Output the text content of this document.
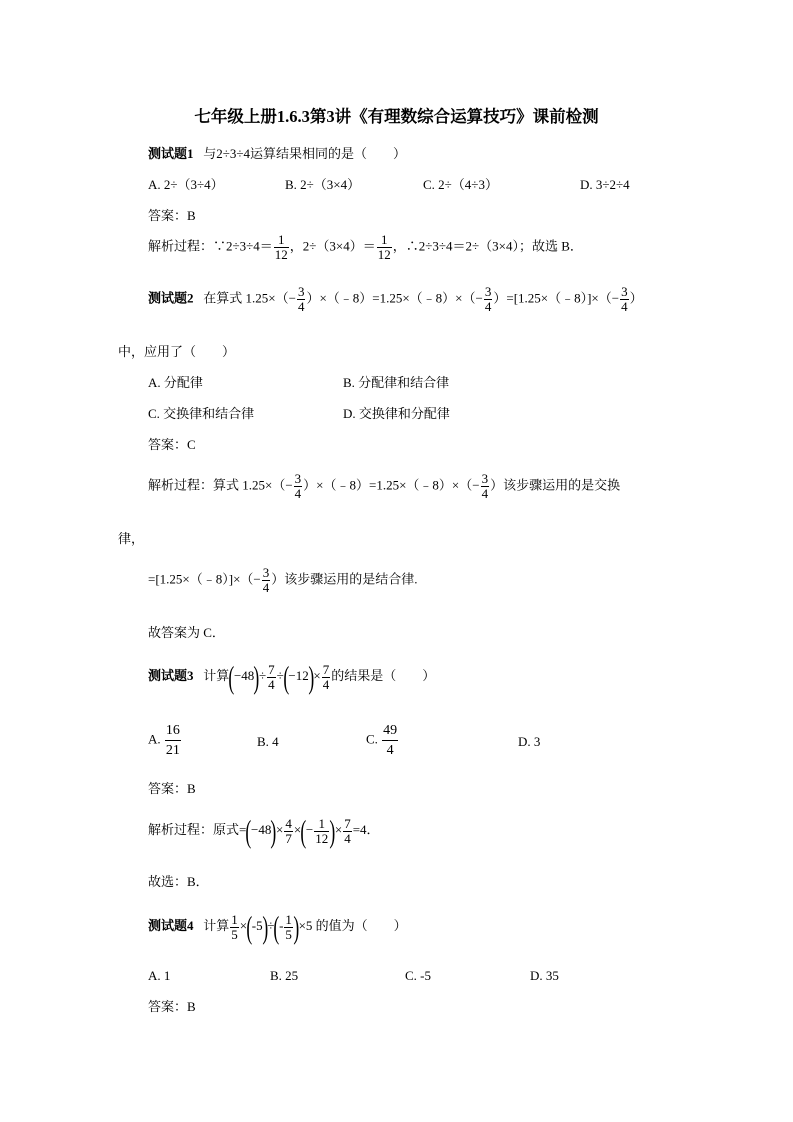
七年级上册1.6.3第3讲《有理数综合运算技巧》课前检测
测试题1 与2÷3÷4运算结果相同的是（　　）
A. 2÷（3÷4）	B. 2÷（3×4）	C. 2÷（4÷3）	D. 3÷2÷4
答案：B
解析过程：∵2÷3÷4＝ $\frac{1}{12}$ ，$2\div(3\times 4)= \frac{1}{12}$ ，∴2÷3÷4＝2÷（3×4）；故选 B．
测试题2 在算式 $1.25\times(- \frac{3}{4}$ ）×（﹣8）=1.25×（﹣8）×（− $\frac{3}{4}$ ）=[1.25×（﹣8）]×（− $\frac{3}{4}$ ）
中，应用了（　　）
A. 分配律	B. 分配律和结合律
C. 交换律和结合律	D. 交换律和分配律
答案：C
解析过程：算式 $1.25\times(- \frac{3}{4}$ ）×（﹣8）=1.25×（﹣8）×（− $\frac{3}{4}$ ）该步骤运用的是交换
律，
=[1.25×（﹣8）]×（− $\frac{3}{4}$ ）该步骤运用的是结合律.
故答案为 C．
测试题3 计算$(-48)\div \frac{7}{4} \div(-12)\times \frac{7}{4}$ 的结果是（　　）
A. $\frac{16}{21}$	B. 4	C. $\frac{49}{4}$	D. 3
答案：B
解析过程：原式$=(-48)\times \frac{4}{7}$ ×(− $\frac{1}{12}$ )× $\frac{7}{4} =4$．
故选：B．
测试题4 计算 $\frac{1}{5} \times(-5)\div(- \frac{1}{5} )\times 5$ 的值为（　　）
A. 1	B. 25	C. -5	D. 35
答案：B
